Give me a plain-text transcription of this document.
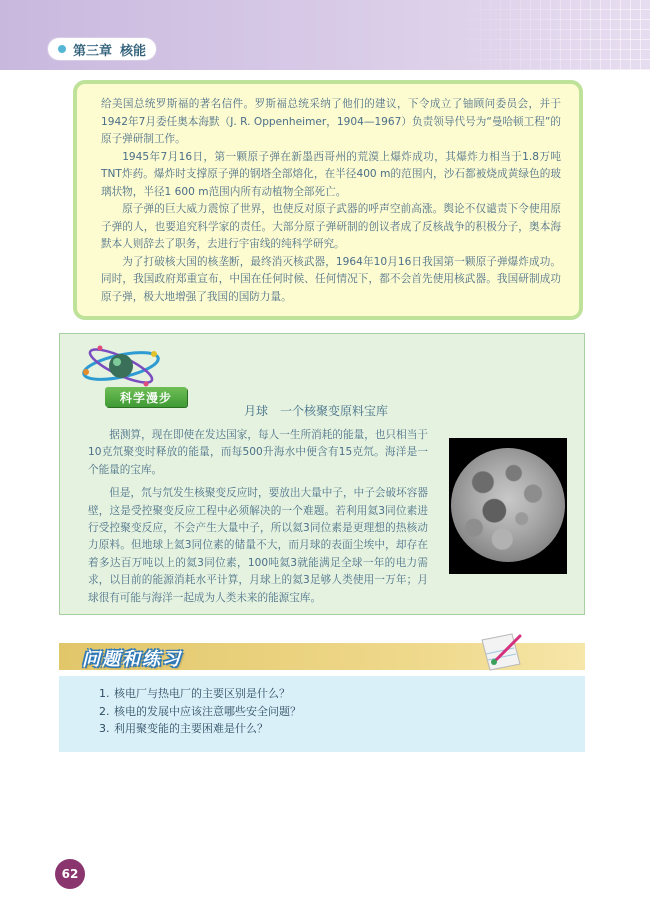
第三章 核能

给美国总统罗斯福的著名信件。罗斯福总统采纳了他们的建议，下令成立了铀顾问委员会，并于1942年7月委任奥本海默（J. R. Oppenheimer，1904—1967）负责领导代号为“曼哈顿工程”的原子弹研制工作。

1945年7月16日，第一颗原子弹在新墨西哥州的荒漠上爆炸成功，其爆炸力相当于1.8万吨TNT炸药。爆炸时支撑原子弹的钢塔全部熔化，在半径400 m的范围内，沙石都被烧成黄绿色的玻璃状物，半径1 600 m范围内所有动植物全部死亡。

原子弹的巨大威力震惊了世界，也使反对原子武器的呼声空前高涨。舆论不仅谴责下令使用原子弹的人，也要追究科学家的责任。大部分原子弹研制的创议者成了反核战争的积极分子，奥本海默本人则辞去了职务，去进行宇宙线的纯科学研究。

为了打破核大国的核垄断，最终消灭核武器，1964年10月16日我国第一颗原子弹爆炸成功。同时，我国政府郑重宣布，中国在任何时候、任何情况下，都不会首先使用核武器。我国研制成功原子弹，极大地增强了我国的国防力量。

科学漫步
月球　一个核聚变原料宝库

据测算，现在即使在发达国家，每人一生所消耗的能量，也只相当于10克氘聚变时释放的能量，而每500升海水中便含有15克氘。海洋是一个能量的宝库。

但是，氘与氘发生核聚变反应时，要放出大量中子，中子会破坏容器壁，这是受控聚变反应工程中必须解决的一个难题。若利用氦3同位素进行受控聚变反应，不会产生大量中子，所以氦3同位素是更理想的热核动力原料。但地球上氦3同位素的储量不大，而月球的表面尘埃中，却存在着多达百万吨以上的氦3同位素，100吨氦3就能满足全球一年的电力需求，以目前的能源消耗水平计算，月球上的氦3足够人类使用一万年；月球很有可能与海洋一起成为人类未来的能源宝库。

问题和练习
1. 核电厂与热电厂的主要区别是什么？
2. 核电的发展中应该注意哪些安全问题？
3. 利用聚变能的主要困难是什么？
62
